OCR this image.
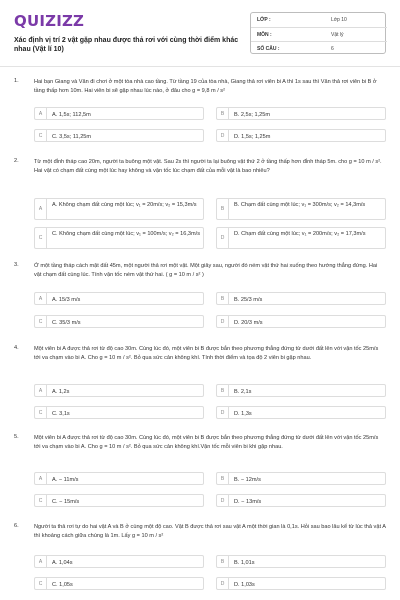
QUIZIZZ
Xác định vị trí 2 vật gặp nhau được thả rơi với cùng thời điểm khác nhau (Vật lí 10)
LỚP :	Lớp 10
MÔN :	Vật lý
SỐ CÂU :	6
1.	Hai bạn Giang và Văn đi chơi ở một tòa nhà cao tầng. Từ tầng 19 của tòa nhà, Giang thả rơi viên bi A thì 1s sau thì Văn thả rơi viên bi B ở tầng thấp hơn 10m. Hai viên bi sẽ gặp nhau lúc nào, ở đâu cho g = 9,8 m / s²
A	A. 1,5s; 112,5m	B	B. 2,5s; 1,25m
C	C. 3,5s; 11,25m	D	D. 1,5s; 1,25m
2.	Từ một đỉnh tháp cao 20m, người ta buông một vật. Sau 2s thì người ta lại buông vật thứ 2 ở tầng thấp hơn đỉnh tháp 5m. cho g = 10 m / s². Hai vật có chạm đất cùng một lúc hay không và vận tốc lúc chạm đất của mỗi vật là bao nhiêu?
A
A. Không chạm đất cùng một lúc; v₁ = 20m/s; v₂ = 15,3m/s
B
B. Chạm đất cùng một lúc; v₁ = 300m/s; v₂ = 14,3m/s
C
C. Không chạm đất cùng một lúc; v₁ = 100m/s; v₂ = 16,3m/s
D
D. Chạm đất cùng một lúc; v₁ = 200m/s; v₂ = 17,3m/s
3.	Ở một tầng tháp cách mặt đất 45m, một người thả rơi một vật. Một giây sau, người đó ném vật thứ hai xuống theo hướng thẳng đứng. Hai vật chạm đất cùng lúc. Tính vận tốc ném vật thứ hai. ( g = 10 m / s² )
A	A. 15/3 m/s	B	B. 25/3 m/s
C	C. 35/3 m/s	D	D. 20/3 m/s
4.	Một viên bi A được thả rơi từ độ cao 30m. Cùng lúc đó, một viên bi B được bắn theo phương thẳng đứng từ dưới đất lên với vận tốc 25m/s tới va chạm vào bi A. Cho g = 10 m / s². Bỏ qua sức cản không khí. Tính thời điểm và tọa độ 2 viên bi gặp nhau.
A	A. 1,2s	B	B. 2,1s
C	C. 3,1s	D	D. 1,3s
5.	Một viên bi A được thả rơi từ độ cao 30m. Cùng lúc đó, một viên bi B được bắn theo phương thẳng đứng từ dưới đất lên với vận tốc 25m/s tới va chạm vào bi A. Cho g = 10 m / s². Bỏ qua sức cản không khí.Vận tốc mỗi viên bi khi gặp nhau.
A	A. − 11m/s	B	B. − 12m/s
C	C. − 15m/s	D	D. − 13m/s
6.	Người ta thả rơi tự do hai vật A và B ở cùng một độ cao. Vật B được thả rơi sau vật A một thời gian là 0,1s. Hỏi sau bao lâu kể từ lúc thả vật A thì khoảng cách giữa chúng là 1m. Lấy g = 10 m / s²
A	A. 1,04s	B	B. 1,01s
C	C. 1,05s	D	D. 1,03s
